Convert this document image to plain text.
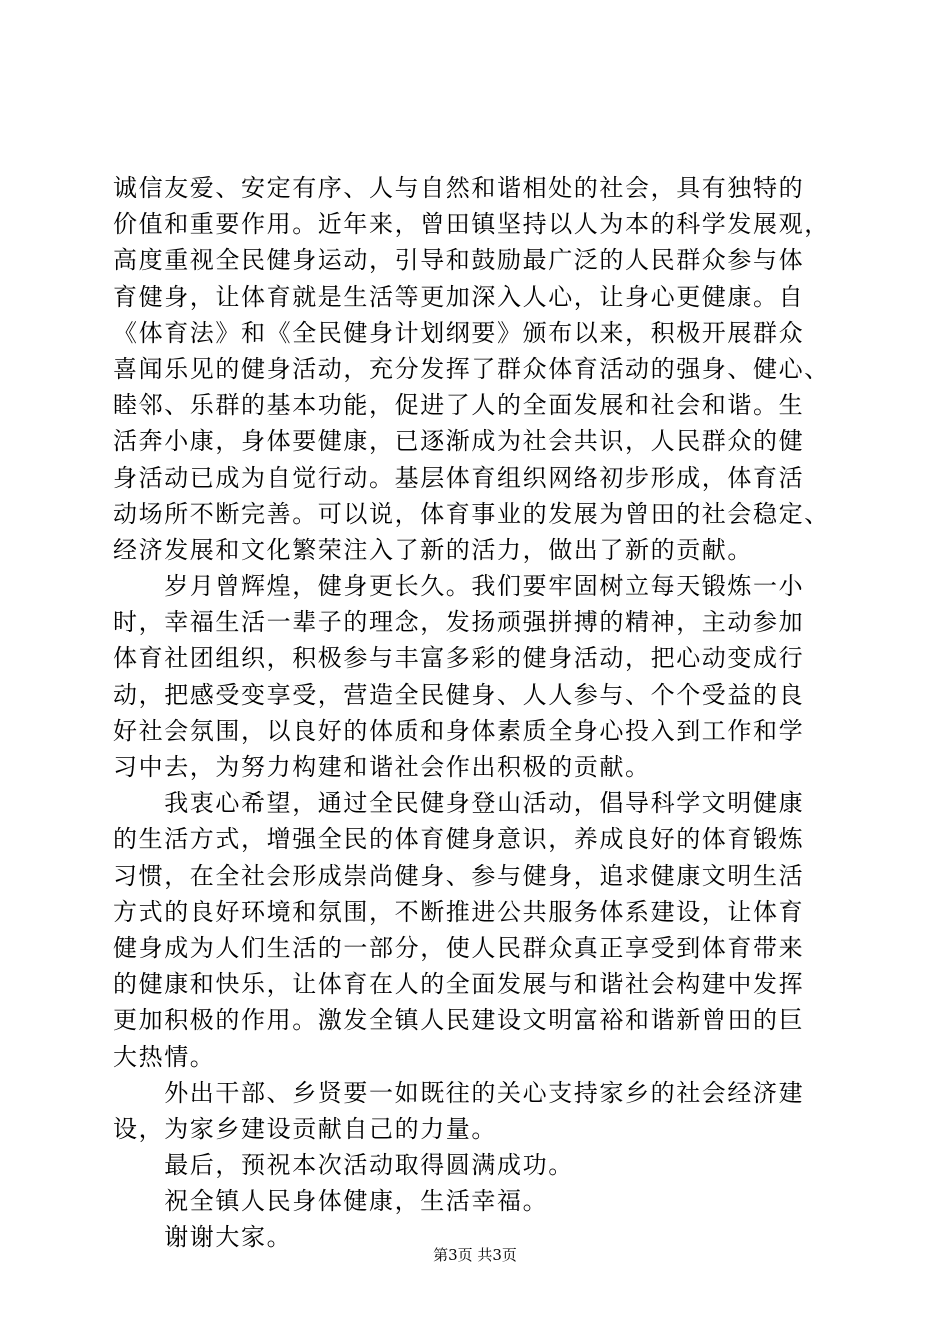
诚信友爱、安定有序、人与自然和谐相处的社会，具有独特的
价值和重要作用。近年来，曾田镇坚持以人为本的科学发展观，
高度重视全民健身运动，引导和鼓励最广泛的人民群众参与体
育健身，让体育就是生活等更加深入人心，让身心更健康。自
《体育法》和《全民健身计划纲要》颁布以来，积极开展群众
喜闻乐见的健身活动，充分发挥了群众体育活动的强身、健心、
睦邻、乐群的基本功能，促进了人的全面发展和社会和谐。生
活奔小康，身体要健康，已逐渐成为社会共识，人民群众的健
身活动已成为自觉行动。基层体育组织网络初步形成，体育活
动场所不断完善。可以说，体育事业的发展为曾田的社会稳定、
经济发展和文化繁荣注入了新的活力，做出了新的贡献。
　　岁月曾辉煌，健身更长久。我们要牢固树立每天锻炼一小
时，幸福生活一辈子的理念，发扬顽强拼搏的精神，主动参加
体育社团组织，积极参与丰富多彩的健身活动，把心动变成行
动，把感受变享受，营造全民健身、人人参与、个个受益的良
好社会氛围，以良好的体质和身体素质全身心投入到工作和学
习中去，为努力构建和谐社会作出积极的贡献。
　　我衷心希望，通过全民健身登山活动，倡导科学文明健康
的生活方式，增强全民的体育健身意识，养成良好的体育锻炼
习惯，在全社会形成崇尚健身、参与健身，追求健康文明生活
方式的良好环境和氛围，不断推进公共服务体系建设，让体育
健身成为人们生活的一部分，使人民群众真正享受到体育带来
的健康和快乐，让体育在人的全面发展与和谐社会构建中发挥
更加积极的作用。激发全镇人民建设文明富裕和谐新曾田的巨
大热情。
　　外出干部、乡贤要一如既往的关心支持家乡的社会经济建
设，为家乡建设贡献自己的力量。
　　最后，预祝本次活动取得圆满成功。
　　祝全镇人民身体健康，生活幸福。
　　谢谢大家。
第3页 共3页
